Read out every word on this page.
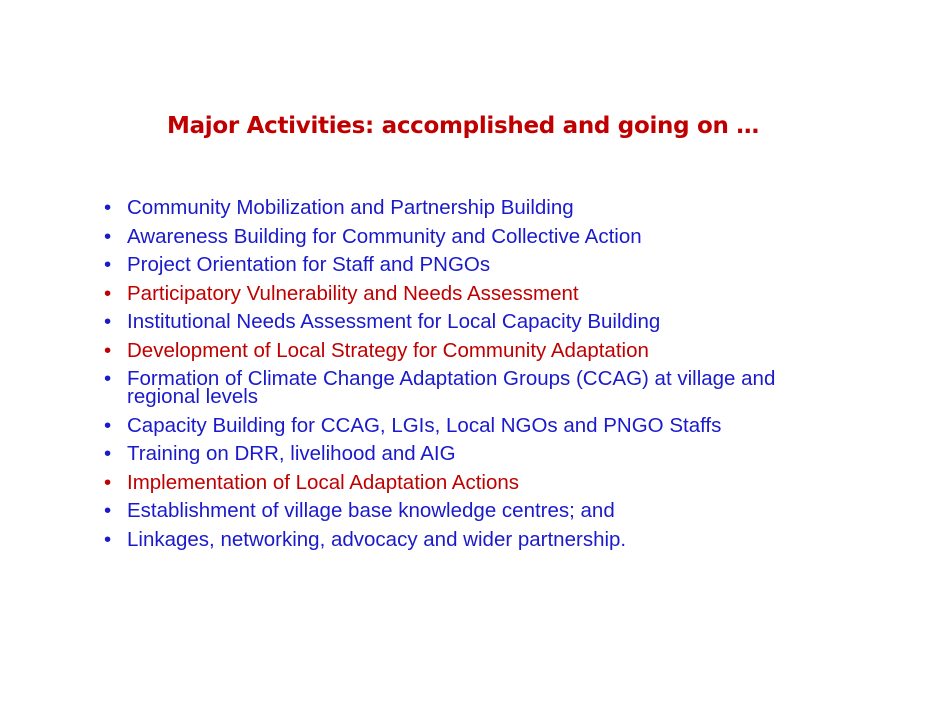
Major Activities: accomplished and going on …
• Community Mobilization and Partnership Building
• Awareness Building for Community and Collective Action
• Project Orientation for Staff and PNGOs
• Participatory Vulnerability and Needs Assessment
• Institutional Needs Assessment for Local Capacity Building
• Development of Local Strategy for Community Adaptation
• Formation of Climate Change Adaptation Groups (CCAG) at village and regional levels
• Capacity Building for CCAG, LGIs, Local NGOs and PNGO Staffs
• Training on DRR, livelihood and AIG
• Implementation of Local Adaptation Actions
• Establishment of village base knowledge centres; and
• Linkages, networking, advocacy and wider partnership.
